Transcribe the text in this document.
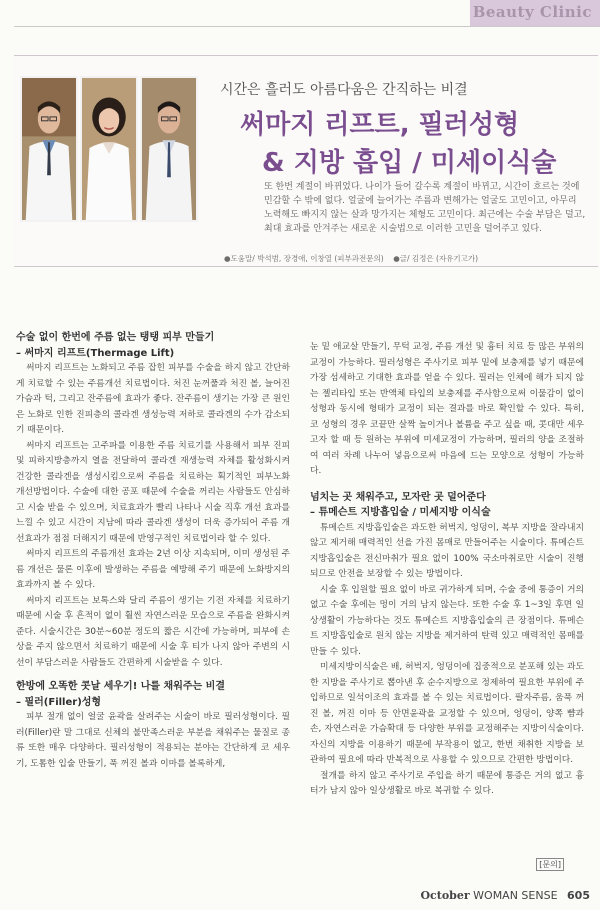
Beauty Clinic
시간은 흘러도 아름다움은 간직하는 비결
써마지 리프트, 필러성형
& 지방 흡입 / 미세이식술
또 한번 계절이 바뀌었다. 나이가 들어 갈수록 계절이 바뀌고, 시간이 흐르는 것에 민감할 수 밖에 없다. 얼굴에 늘어가는 주름과 변해가는 얼굴도 고민이고, 아무리 노력해도 빠지지 않는 살과 망가지는 체형도 고민이다. 최근에는 수술 부담은 덜고, 최대 효과를 안겨주는 새로운 시술법으로 이러한 고민을 덜어주고 있다.
●도움말/ 박석범, 장경애, 이창열 (피부과전문의) ●글/ 김정은 (자유기고가)

수술 없이 한번에 주름 없는 탱탱 피부 만들기

– 써마지 리프트(Thermage Lift)

써마지 리프트는 노화되고 주름 잡힌 피부를 수술을 하지 않고 간단하게 치료할 수 있는 주름개선 치료법이다. 처진 눈꺼풀과 처진 볼, 늘어진 가슴과 턱, 그리고 잔주름에 효과가 좋다. 잔주름이 생기는 가장 큰 원인은 노화로 인한 진피층의 콜라겐 생성능력 저하로 콜라겐의 수가 감소되기 때문이다.

써마지 리프트는 고주파를 이용한 주름 치료기를 사용해서 피부 진피 및 피하지방층까지 열을 전달하여 콜라겐 재생능력 자체를 활성화시켜 건강한 콜라겐을 생성시킴으로써 주름을 치료하는 획기적인 피부노화 개선방법이다. 수술에 대한 공포 때문에 수술을 꺼리는 사람들도 안심하고 시술 받을 수 있으며, 치료효과가 빨리 나타나 시술 직후 개선 효과를 느낄 수 있고 시간이 지남에 따라 콜라겐 생성이 더욱 증가되어 주름 개선효과가 점점 더해지기 때문에 반영구적인 치료법이라 할 수 있다.

써마지 리프트의 주름개선 효과는 2년 이상 지속되며, 이미 생성된 주름 개선은 물론 이후에 발생하는 주름을 예방해 주기 때문에 노화방지의 효과까지 볼 수 있다.

써마지 리프트는 보톡스와 달리 주름이 생기는 기전 자체를 치료하기 때문에 시술 후 흔적이 없이 훨씬 자연스러운 모습으로 주름을 완화시켜 준다. 시술시간은 30분~60분 정도의 짧은 시간에 가능하며, 피부에 손상을 주지 않으면서 치료하기 때문에 시술 후 티가 나지 않아 주변의 시선이 부담스러운 사람들도 간편하게 시술받을 수 있다.

한방에 오똑한 콧날 세우기! 나를 채워주는 비결

– 필러(Filler)성형

피부 절개 없이 얼굴 윤곽을 살려주는 시술이 바로 필러성형이다. 필러(Filler)란 말 그대로 신체의 불만족스러운 부분을 채워주는 물질로 종류 또한 매우 다양하다. 필러성형이 적용되는 분야는 간단하게 코 세우기, 도톰한 입술 만들기, 푹 꺼진 볼과 이마를 볼록하게,

눈 밑 애교살 만들기, 무턱 교정, 주름 개선 및 흉터 치료 등 많은 부위의 교정이 가능하다. 필러성형은 주사기로 피부 밑에 보충제를 넣기 때문에 가장 섬세하고 기대한 효과를 얻을 수 있다. 필러는 인체에 해가 되지 않는 젤리타입 또는 반액체 타입의 보충제를 주사함으로써 이물감이 없이 성형과 동시에 형태가 교정이 되는 결과를 바로 확인할 수 있다. 특히, 코 성형의 경우 코끝만 살짝 높이거나 볼륨을 주고 싶을 때, 콧대만 세우고자 할 때 등 원하는 부위에 미세교정이 가능하며, 필러의 양을 조절하여 여러 차례 나누어 넣음으로써 마음에 드는 모양으로 성형이 가능하다.

넘치는 곳 채워주고, 모자란 곳 덜어준다

– 튜메슨트 지방흡입술 / 미세지방 이식술

튜메슨트 지방흡입술은 과도한 허벅지, 엉덩이, 복부 지방을 잘라내지 않고 제거해 매력적인 선을 가진 몸매로 만들어주는 시술이다. 튜메슨트 지방흡입술은 전신마취가 필요 없이 100% 국소마취로만 시술이 진행되므로 안전을 보장할 수 있는 방법이다.

시술 후 입원할 필요 없이 바로 귀가하게 되며, 수술 중에 통증이 거의 없고 수술 후에는 멍이 거의 남지 않는다. 또한 수술 후 1~3일 후면 일상생활이 가능하다는 것도 튜메슨트 지방흡입술의 큰 장점이다. 튜메슨트 지방흡입술로 원치 않는 지방을 제거하여 탄력 있고 매력적인 몸매를 만들 수 있다.

미세지방이식술은 배, 허벅지, 엉덩이에 집중적으로 분포해 있는 과도한 지방을 주사기로 뽑아낸 후 순수지방으로 정제하여 필요한 부위에 주입하므로 일석이조의 효과를 볼 수 있는 치료법이다. 팔자주름, 움푹 꺼진 볼, 꺼진 이마 등 안면윤곽을 교정할 수 있으며, 엉덩이, 양쪽 뺨과 손, 자연스러운 가슴확대 등 다양한 부위를 교정해주는 지방이식술이다. 자신의 지방을 이용하기 때문에 부작용이 없고, 한번 채취한 지방을 보관하여 필요에 따라 반복적으로 사용할 수 있으므로 간편한 방법이다.

절개를 하지 않고 주사기로 주입을 하기 때문에 통증은 거의 없고 흉터가 남지 않아 일상생활로 바로 복귀할 수 있다.

October WOMAN SENSE 605
[문의]
